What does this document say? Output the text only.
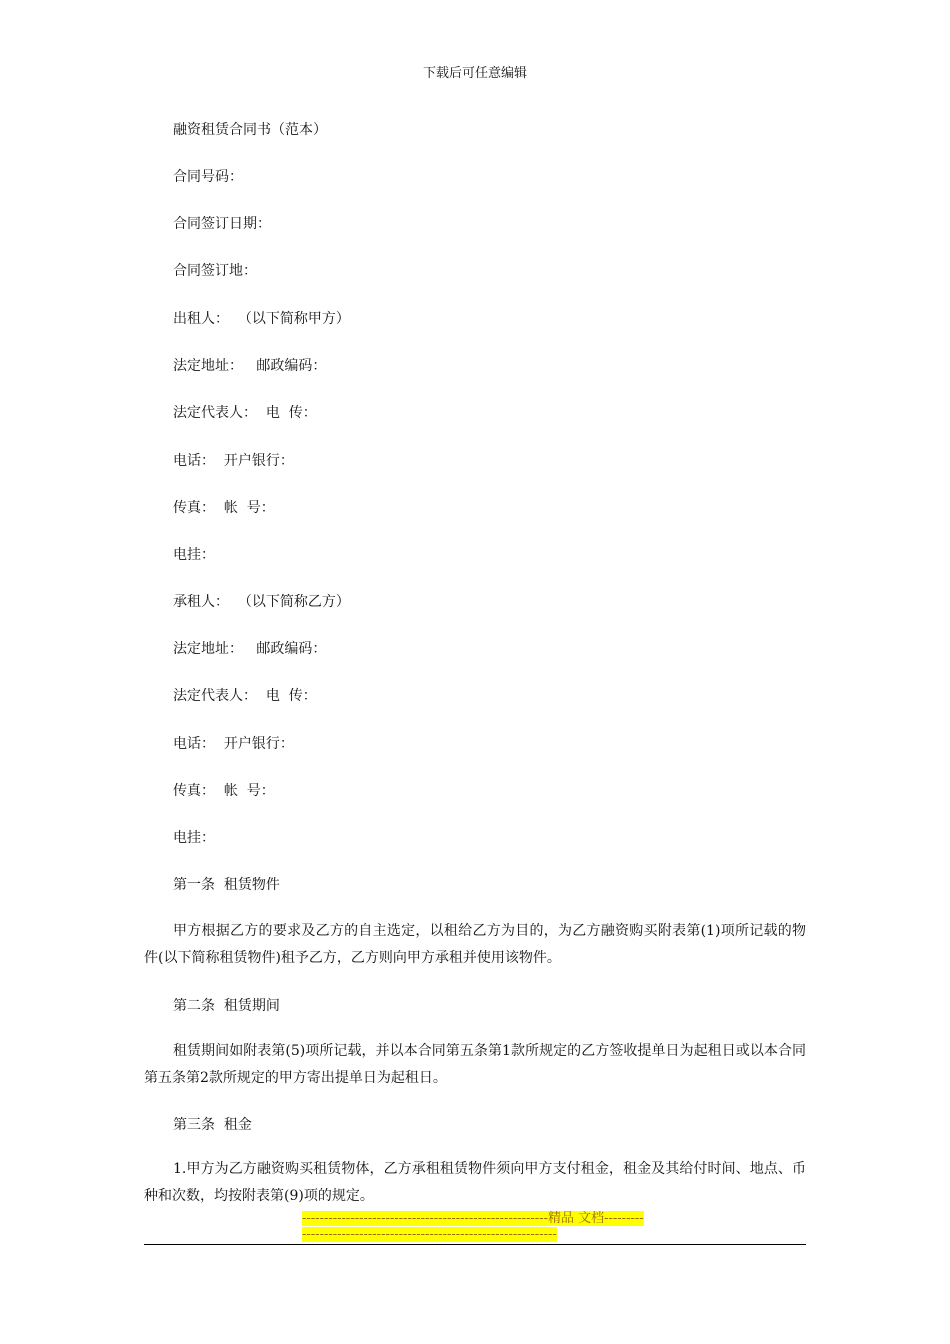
下载后可任意编辑
融资租赁合同书（范本）
合同号码：
合同签订日期：
合同签订地：
出租人：  （以下简称甲方）
法定地址：   邮政编码：
法定代表人：  电  传：
电话：  开户银行：
传真：  帐  号：
电挂：
承租人：  （以下简称乙方）
法定地址：   邮政编码：
法定代表人：  电  传：
电话：  开户银行：
传真：  帐  号：
电挂：
第一条  租赁物件
甲方根据乙方的要求及乙方的自主选定，以租给乙方为目的，为乙方融资购买附表第(1)项所记载的物件(以下简称租赁物件)租予乙方，乙方则向甲方承租并使用该物件。
第二条  租赁期间
租赁期间如附表第(5)项所记载，并以本合同第五条第1款所规定的乙方签收提单日为起租日或以本合同第五条第2款所规定的甲方寄出提单日为起租日。
第三条  租金
1.甲方为乙方融资购买租赁物体，乙方承租租赁物件须向甲方支付租金，租金及其给付时间、地点、币种和次数，均按附表第(9)项的规定。
--------------------------------------------------------精品 文档-------------------------------------------------------------------
